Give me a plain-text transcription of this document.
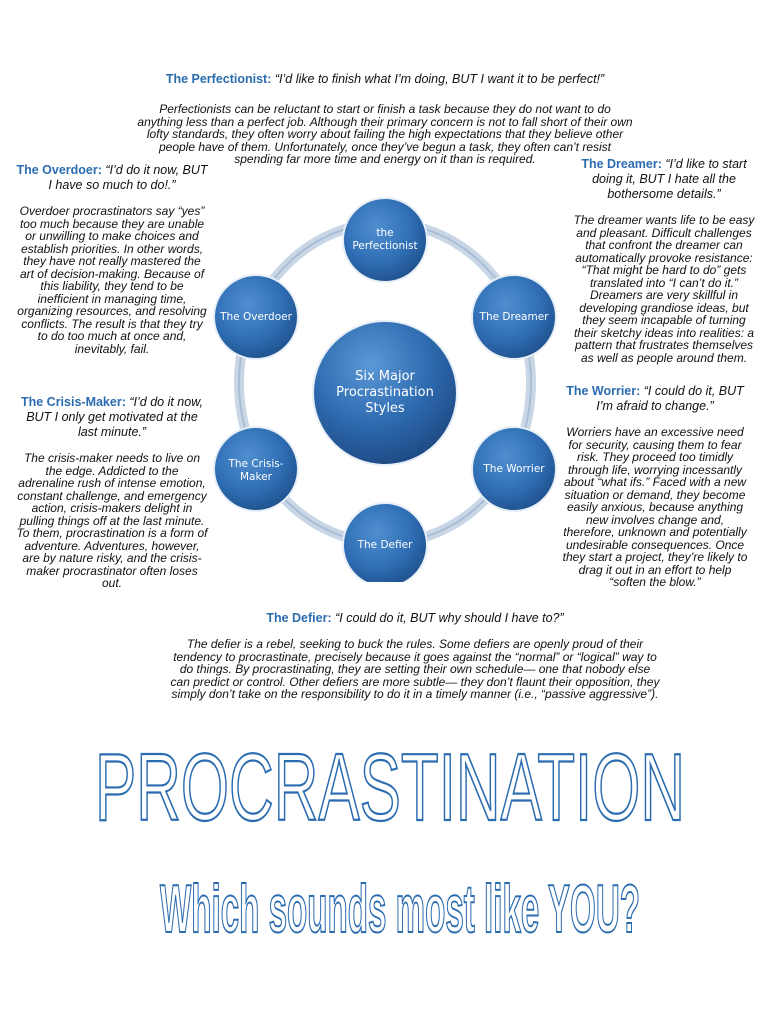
The Perfectionist: “I’d like to finish what I’m doing, BUT I want it to be perfect!”
Perfectionists can be reluctant to start or finish a task because they do not want to do anything less than a perfect job. Although their primary concern is not to fall short of their own lofty standards, they often worry about failing the high expectations that they believe other people have of them. Unfortunately, once they’ve begun a task, they often can’t resist spending far more time and energy on it than is required.
The Overdoer: “I’d do it now, BUT I have so much to do!.”
Overdoer procrastinators say “yes” too much because they are unable or unwilling to make choices and establish priorities. In other words, they have not really mastered the art of decision-making. Because of this liability, they tend to be inefficient in managing time, organizing resources, and resolving conflicts. The result is that they try to do too much at once and, inevitably, fail.
The Dreamer: “I’d like to start doing it, BUT I hate all the bothersome details.”
The dreamer wants life to be easy and pleasant. Difficult challenges that confront the dreamer can automatically provoke resistance: “That might be hard to do” gets translated into “I can’t do it.” Dreamers are very skillful in developing grandiose ideas, but they seem incapable of turning their sketchy ideas into realities: a pattern that frustrates themselves as well as people around them.
The Crisis-Maker: “I’d do it now, BUT I only get motivated at the last minute.”
The crisis-maker needs to live on the edge. Addicted to the adrenaline rush of intense emotion, constant challenge, and emergency action, crisis-makers delight in pulling things off at the last minute. To them, procrastination is a form of adventure. Adventures, however, are by nature risky, and the crisis-maker procrastinator often loses out.
The Worrier: “I could do it, BUT I’m afraid to change.”
Worriers have an excessive need for security, causing them to fear risk. They proceed too timidly through life, worrying incessantly about “what ifs.” Faced with a new situation or demand, they become easily anxious, because anything new involves change and, therefore, unknown and potentially undesirable consequences. Once they start a project, they’re likely to drag it out in an effort to help “soften the blow.”
The Defier: “I could do it, BUT why should I have to?”
The defier is a rebel, seeking to buck the rules. Some defiers are openly proud of their tendency to procrastinate, precisely because it goes against the “normal” or “logical” way to do things. By procrastinating, they are setting their own schedule— one that nobody else can predict or control. Other defiers are more subtle— they don’t flaunt their opposition, they simply don’t take on the responsibility to do it in a timely manner (i.e., “passive aggressive”).
Six Major Procrastination Styles
the Perfectionist
The Dreamer
The Worrier
The Defier
The Crisis-Maker
The Overdoer
PROCRASTINATION
Which sounds most like YOU?
